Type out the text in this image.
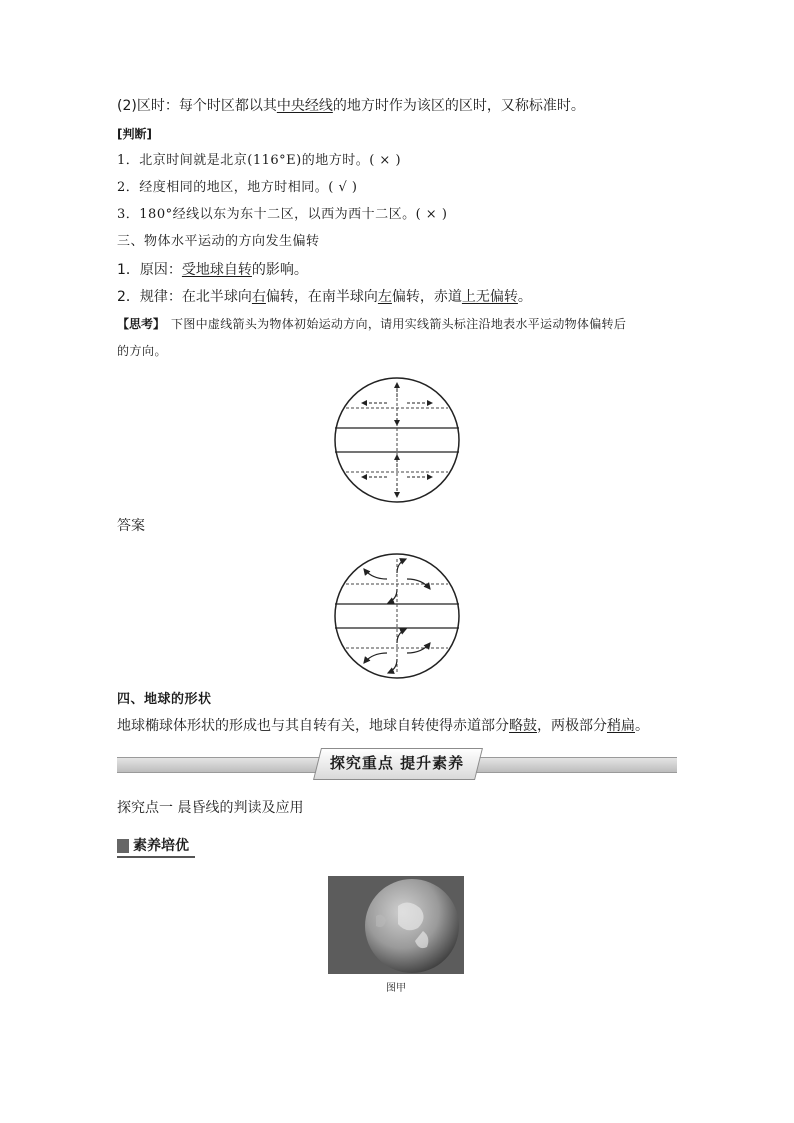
(2)区时：每个时区都以其中央经线的地方时作为该区的区时，又称标准时。
[判断]
1．北京时间就是北京(116°E)的地方时。( × )
2．经度相同的地区，地方时相同。( √ )
3．180°经线以东为东十二区，以西为西十二区。( × )
三、物体水平运动的方向发生偏转
1．原因：受地球自转的影响。
2．规律：在北半球向右偏转，在南半球向左偏转，赤道上无偏转。
【思考】 下图中虚线箭头为物体初始运动方向，请用实线箭头标注沿地表水平运动物体偏转后
的方向。
答案
四、地球的形状
地球椭球体形状的形成也与其自转有关，地球自转使得赤道部分略鼓，两极部分稍扁。
探究重点 提升素养
探究点一 晨昏线的判读及应用
素养培优
图甲
